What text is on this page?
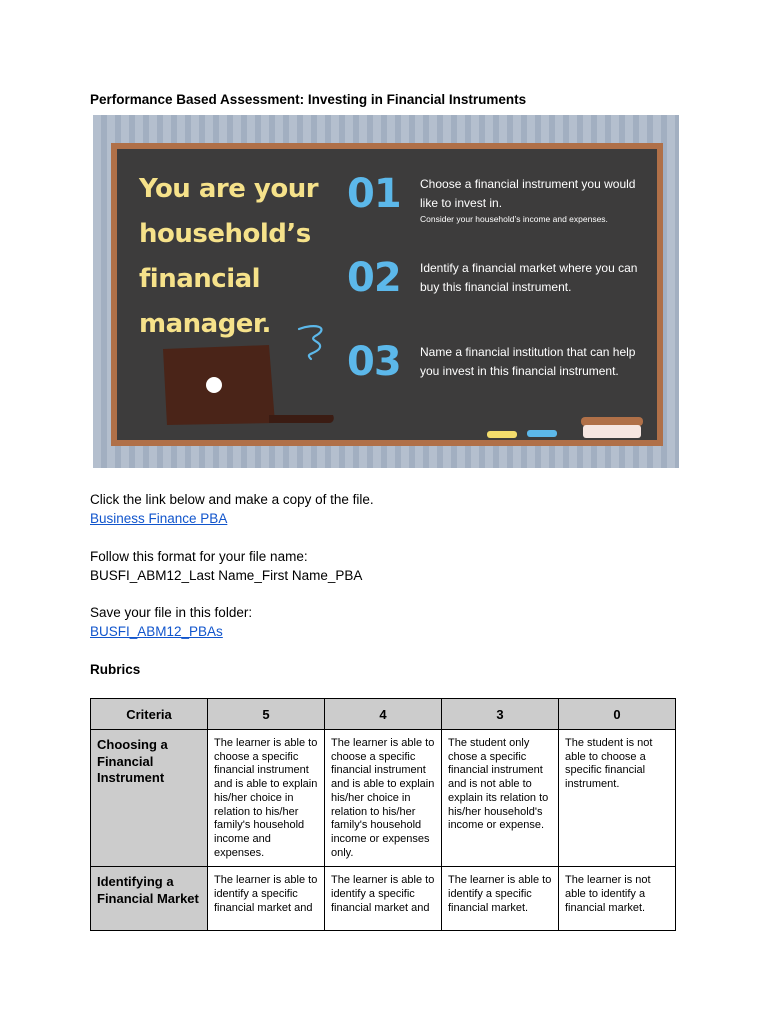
Performance Based Assessment: Investing in Financial Instruments
You are your
household’s
financial
manager.
01 Choose a financial instrument you would
like to invest in.
Consider your household’s income and expenses.
02 Identify a financial market where you can
buy this financial instrument.
03 Name a financial institution that can help
you invest in this financial instrument.
Click the link below and make a copy of the file.
Business Finance PBA
Follow this format for your file name:
BUSFI_ABM12_Last Name_First Name_PBA
Save your file in this folder:
BUSFI_ABM12_PBAs
Rubrics
Criteria	5	4	3	0
Choosing a Financial Instrument	The learner is able to choose a specific financial instrument and is able to explain his/her choice in relation to his/her family's household income and expenses.	The learner is able to choose a specific financial instrument and is able to explain his/her choice in relation to his/her family's household income or expenses only.	The student only chose a specific financial instrument and is not able to explain its relation to his/her household's income or expense.	The student is not able to choose a specific financial instrument.
Identifying a Financial Market	The learner is able to identify a specific financial market and	The learner is able to identify a specific financial market and	The learner is able to identify a specific financial market.	The learner is not able to identify a financial market.
